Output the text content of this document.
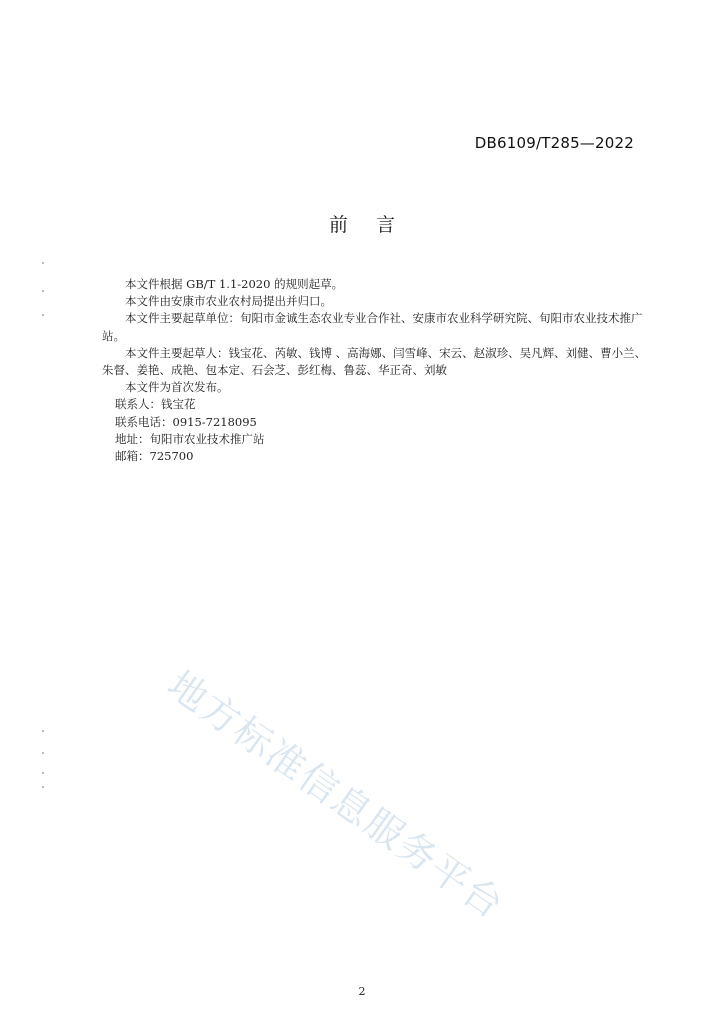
DB6109/T285—2022
前言

本文件根据 GB/T 1.1-2020 的规则起草。

本文件由安康市农业农村局提出并归口。

本文件主要起草单位：旬阳市金诚生态农业专业合作社、安康市农业科学研究院、旬阳市农业技术推广站。

本文件主要起草人：钱宝花、芮敏、钱博 、高海娜、闫雪峰、宋云、赵淑珍、吴凡辉、刘健、曹小兰、朱督、姜艳、成艳、包本定、石会芝、彭红梅、鲁蕊、华正奇、刘敏

本文件为首次发布。

联系人：钱宝花

联系电话：0915-7218095

地址：旬阳市农业技术推广站

邮箱：725700

地方标准信息服务平台
2
